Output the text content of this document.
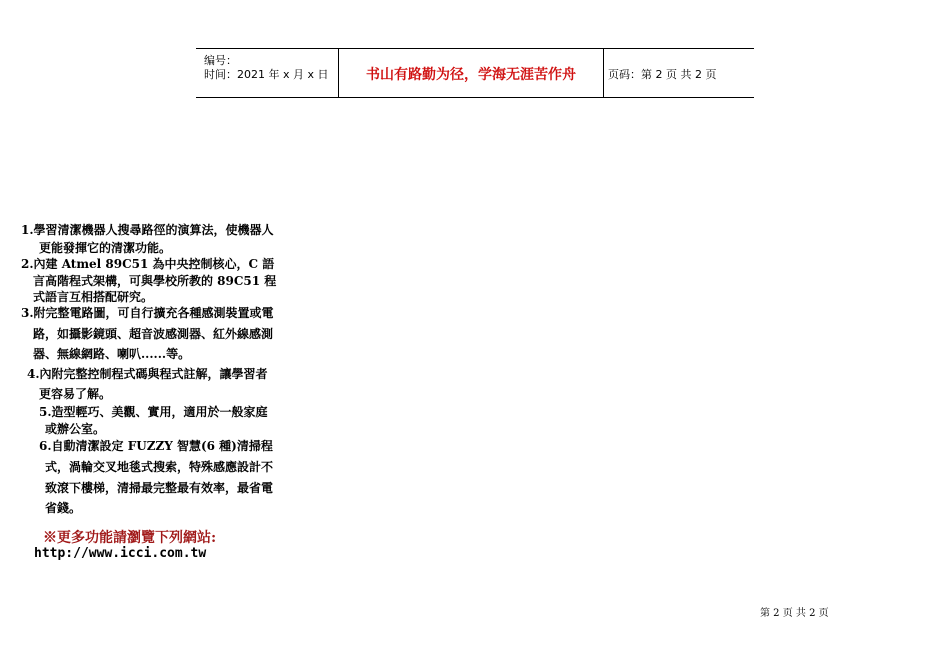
编号：
时间：2021 年 x 月 x 日	书山有路勤为径，学海无涯苦作舟	页码：第 2 页 共 2 页
1.學習清潔機器人搜尋路徑的演算法，使機器人
更能發揮它的清潔功能。
2.內建 Atmel 89C51 為中央控制核心，C 語
言高階程式架構，可與學校所教的 89C51 程
式語言互相搭配研究。
3.附完整電路圖，可自行擴充各種感測裝置或電
路，如攝影鏡頭、超音波感測器、紅外線感測
器、無線網路、喇叭......等。
4.內附完整控制程式碼與程式註解，讓學習者
更容易了解。
5.造型輕巧、美觀、實用，適用於一般家庭
或辦公室。
6.自動清潔設定 FUZZY 智慧(6 種)清掃程
式，渦輪交叉地毯式搜索，特殊感應設計不
致滾下樓梯，清掃最完整最有效率，最省電
省錢。
※更多功能請瀏覽下列網站:
http://www.icci.com.tw
第 2 页 共 2 页
